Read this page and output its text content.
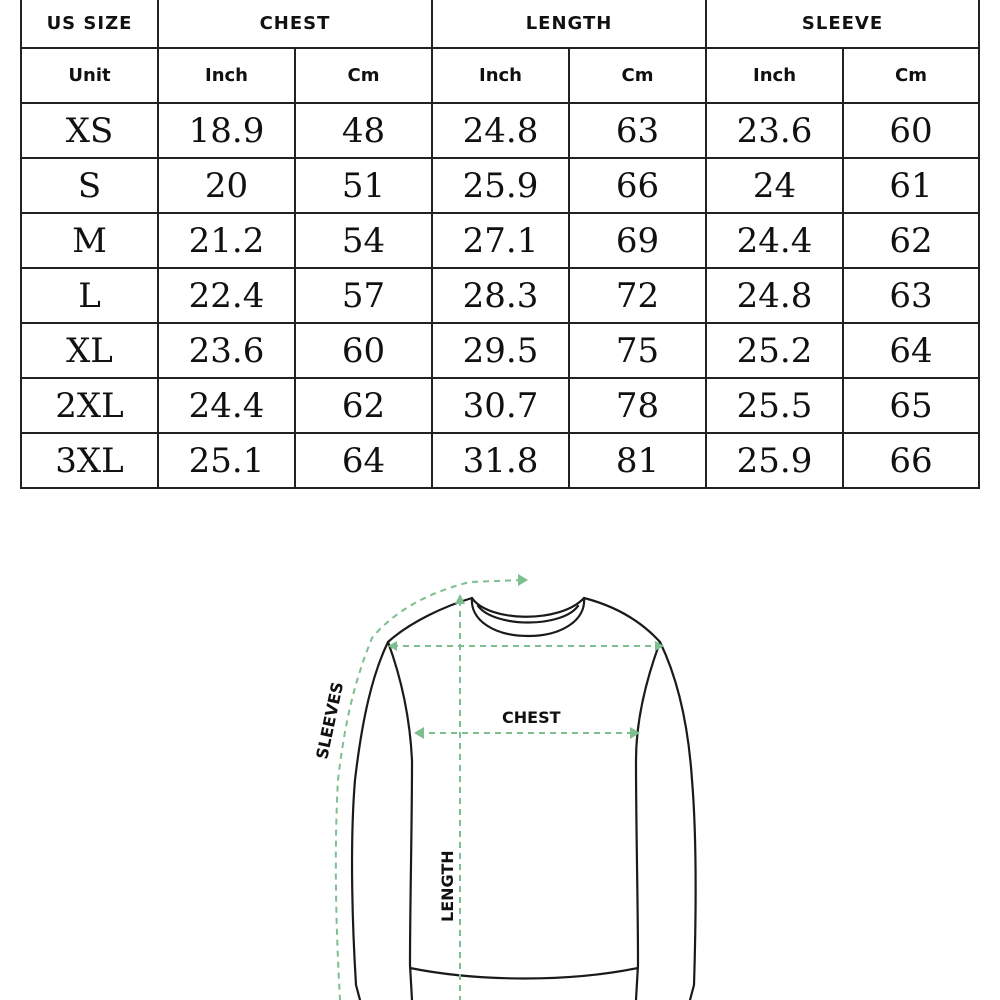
US SIZE	CHEST		LENGTH		SLEEVE	
Unit	Inch	Cm	Inch	Cm	Inch	Cm
XS	18.9	48	24.8	63	23.6	60
S	20	51	25.9	66	24	61
M	21.2	54	27.1	69	24.4	62
L	22.4	57	28.3	72	24.8	63
XL	23.6	60	29.5	75	25.2	64
2XL	24.4	62	30.7	78	25.5	65
3XL	25.1	64	31.8	81	25.9	66
CHEST
LENGTH
SLEEVES
